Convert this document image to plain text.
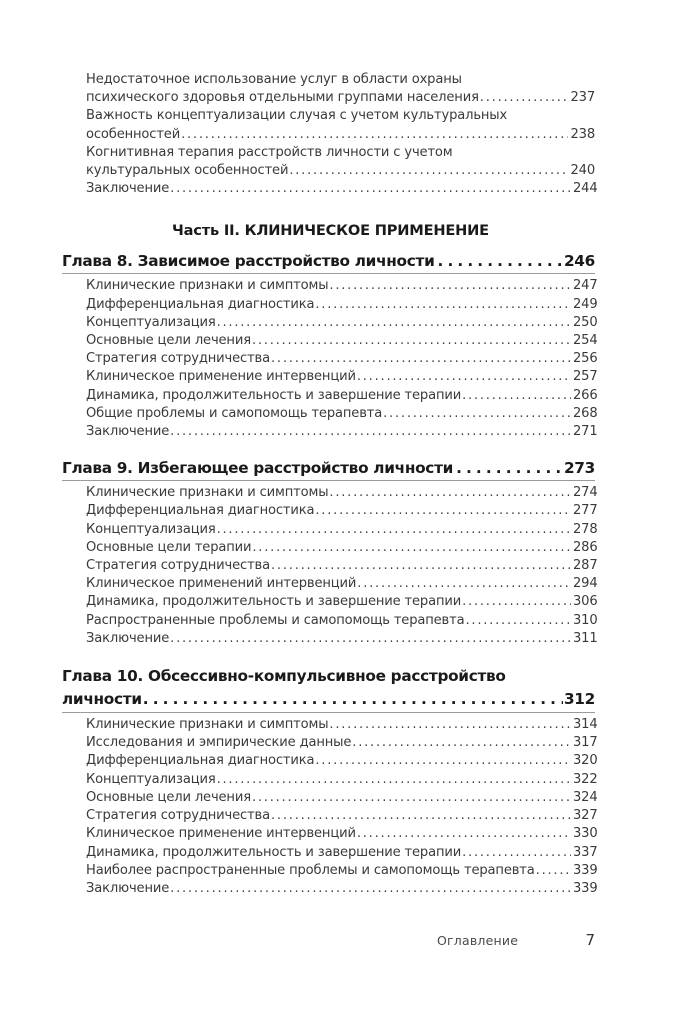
Недостаточное использование услуг в области охраны
психического здоровья отдельными группами населения . . .	237
Важность концептуализации случая с учетом культуральных
особенностей . . .	238
Когнитивная терапия расстройств личности с учетом
культуральных особенностей . . .	240
Заключение . . .	244
Часть II. КЛИНИЧЕСКОЕ ПРИМЕНЕНИЕ
Глава 8. Зависимое расстройство личности . . .	246
Клинические признаки и симптомы . . .	247
Дифференциальная диагностика . . .	249
Концептуализация . . .	250
Основные цели лечения . . .	254
Стратегия сотрудничества . . .	256
Клиническое применение интервенций . . .	257
Динамика, продолжительность и завершение терапии . . .	266
Общие проблемы и самопомощь терапевта . . .	268
Заключение . . .	271
Глава 9. Избегающее расстройство личности . . .	273
Клинические признаки и симптомы . . .	274
Дифференциальная диагностика . . .	277
Концептуализация . . .	278
Основные цели терапии . . .	286
Стратегия сотрудничества . . .	287
Клиническое применений интервенций . . .	294
Динамика, продолжительность и завершение терапии . . .	306
Распространенные проблемы и самопомощь терапевта . . .	310
Заключение . . .	311
Глава 10. Обсессивно-компульсивное расстройство
личности . . .	312
Клинические признаки и симптомы . . .	314
Исследования и эмпирические данные . . .	317
Дифференциальная диагностика . . .	320
Концептуализация . . .	322
Основные цели лечения . . .	324
Стратегия сотрудничества . . .	327
Клиническое применение интервенций . . .	330
Динамика, продолжительность и завершение терапии . . .	337
Наиболее распространенные проблемы и самопомощь терапевта . . .	339
Заключение . . .	339
Оглавление	7
